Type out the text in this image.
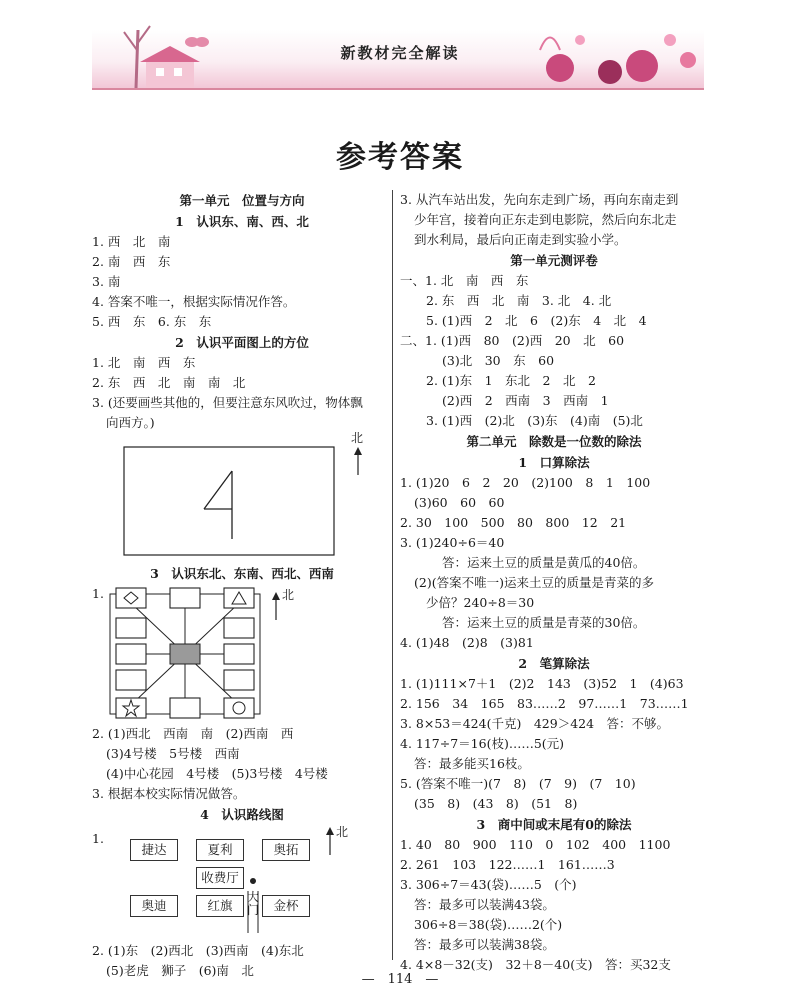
新教材完全解读
参考答案
第一单元　位置与方向
1　认识东、南、西、北
1. 西　北　南
2. 南　西　东
3. 南
4. 答案不唯一，根据实际情况作答。
5. 西　东　6. 东　东
2　认识平面图上的方位
1. 北　南　西　东
2. 东　西　北　南　南　北
3. (还要画些其他的，但要注意东风吹过，物体飘
向西方。)
北
3　认识东北、东南、西北、西南
1.	北
2. (1)西北　西南　南　(2)西南　西
(3)4号楼　5号楼　西南
(4)中心花园　4号楼　(5)3号楼　4号楼
3. 根据本校实际情况做答。
4　认识路线图
1.
捷达	夏利	奥拓
收费厅
奥迪	红旗	金杯
大
门
北
2. (1)东　(2)西北　(3)西南　(4)东北
(5)老虎　狮子　(6)南　北
3. 从汽车站出发，先向东走到广场，再向东南走到
少年宫，接着向正东走到电影院，然后向东北走
到水利局，最后向正南走到实验小学。
第一单元测评卷
一、1. 北　南　西　东
2. 东　西　北　南　3. 北　4. 北
5. (1)西　2　北　6　(2)东　4　北　4
二、1. (1)西　80　(2)西　20　北　60
(3)北　30　东　60
2. (1)东　1　东北　2　北　2
(2)西　2　西南　3　西南　1
3. (1)西　(2)北　(3)东　(4)南　(5)北
第二单元　除数是一位数的除法
1　口算除法
1. (1)20　6　2　20　(2)100　8　1　100
(3)60　60　60
2. 30　100　500　80　800　12　21
3. (1)240÷6＝40
答：运来土豆的质量是黄瓜的40倍。
(2)(答案不唯一)运来土豆的质量是青菜的多
少倍？240÷8＝30
答：运来土豆的质量是青菜的30倍。
4. (1)48　(2)8　(3)81
2　笔算除法
1. (1)111×7＋1　(2)2　143　(3)52　1　(4)63
2. 156　34　165　83……2　97……1　73……1
3. 8×53＝424(千克)　429＞424　答：不够。
4. 117÷7＝16(枝)……5(元)
答：最多能买16枝。
5. (答案不唯一)(7　8)　(7　9)　(7　10)
(35　8)　(43　8)　(51　8)
3　商中间或末尾有0的除法
1. 40　80　900　110　0　102　400　1100
2. 261　103　122……1　161……3
3. 306÷7＝43(袋)……5　(个)
答：最多可以装满43袋。
306÷8＝38(袋)……2(个)
答：最多可以装满38袋。
4. 4×8－32(支)　32＋8－40(支)　答：买32支
—　114　—
